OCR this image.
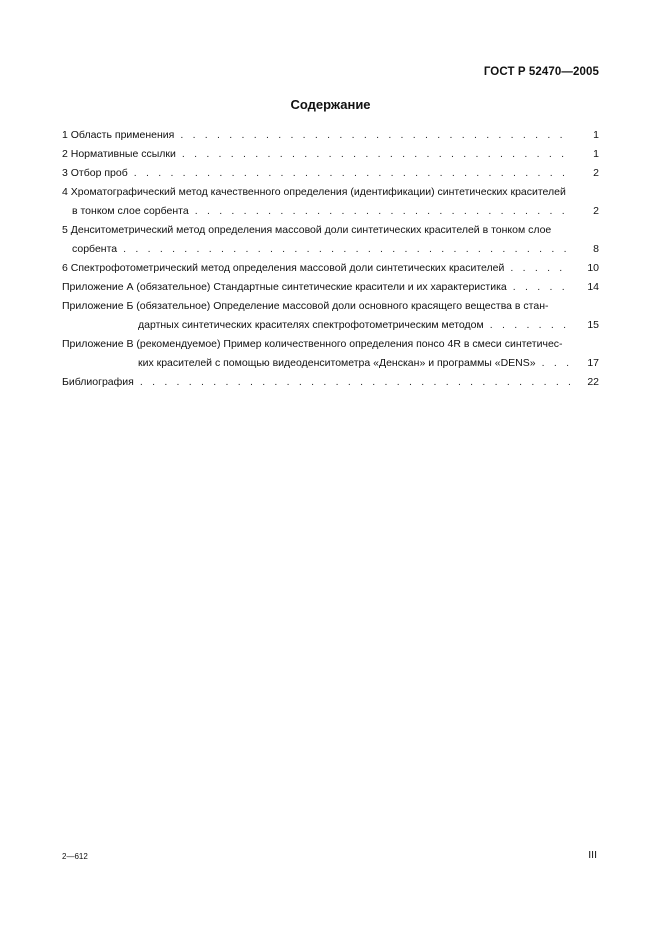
ГОСТ Р 52470—2005
Содержание
1 Область применения . . .	1
2 Нормативные ссылки . . .	1
3 Отбор проб . . .	2
4 Хроматографический метод качественного определения (идентификации) синтетических красителей
в тонком слое сорбента . . .	2
5 Денситометрический метод определения массовой доли синтетических красителей в тонком слое
сорбента . . .	8
6 Спектрофотометрический метод определения массовой доли синтетических красителей . . .	10
Приложение А (обязательное) Стандартные синтетические красители и их характеристика . . .	14
Приложение Б (обязательное) Определение массовой доли основного красящего вещества в стан-
дартных синтетических красителях спектрофотометрическим методом . . .	15
Приложение В (рекомендуемое) Пример количественного определения понсо 4R в смеси синтетичес-
ких красителей с помощью видеоденситометра «Денскан» и программы «DENS» . . .	17
Библиография . . .	22
2—612	III
